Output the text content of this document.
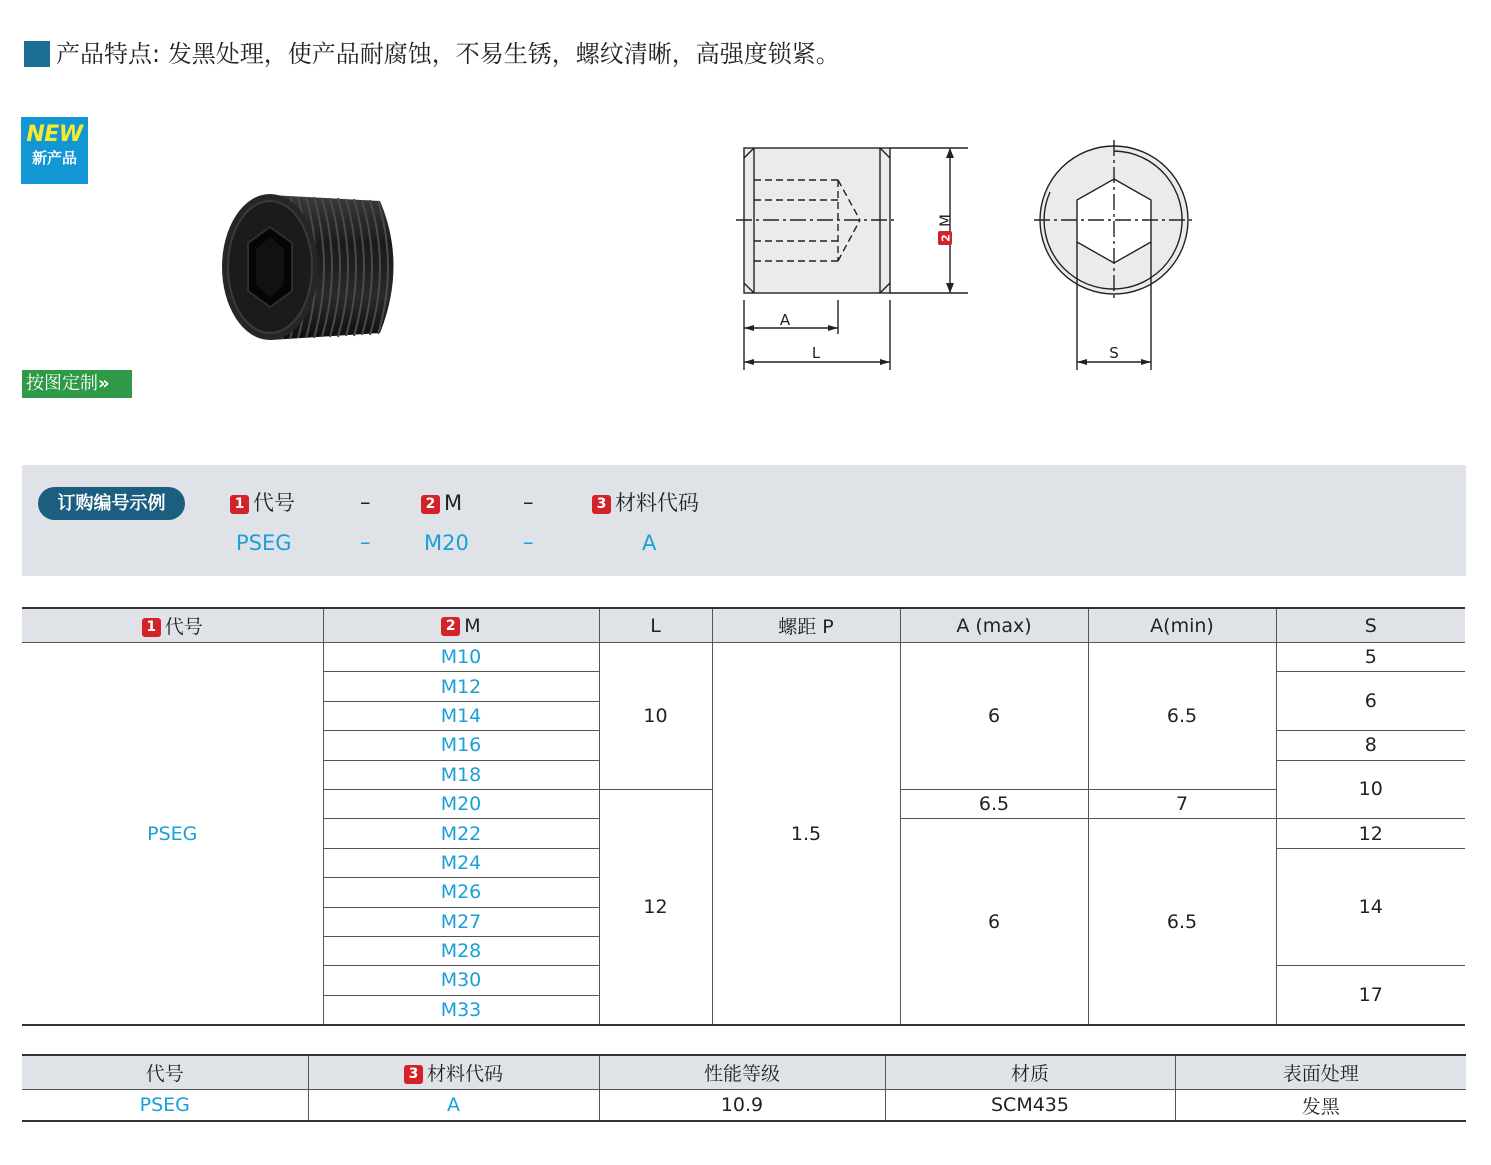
产品特点: 发黑处理，使产品耐腐蚀，不易生锈，螺纹清晰，高强度锁紧。
NEW
新产品
2
M
A
L	S
按图定制»
订购编号示例	1 代号	–	2 M	–	3 材料代码
PSEG	–	M20	–	A
1 代号	2 M	L	螺距 P	A (max)	A(min)	S
PSEG	M10	10	1.5	6	6.5	5
	M12					6
	M14					
	M16					8
	M18					10
	M20	12		6.5	7	
	M22			6	6.5	12
	M24					14
	M26					
	M27					
	M28					
	M30					17
	M33					
代号	3 材料代码	性能等级	材质	表面处理
PSEG	A	10.9	SCM435	发黑
